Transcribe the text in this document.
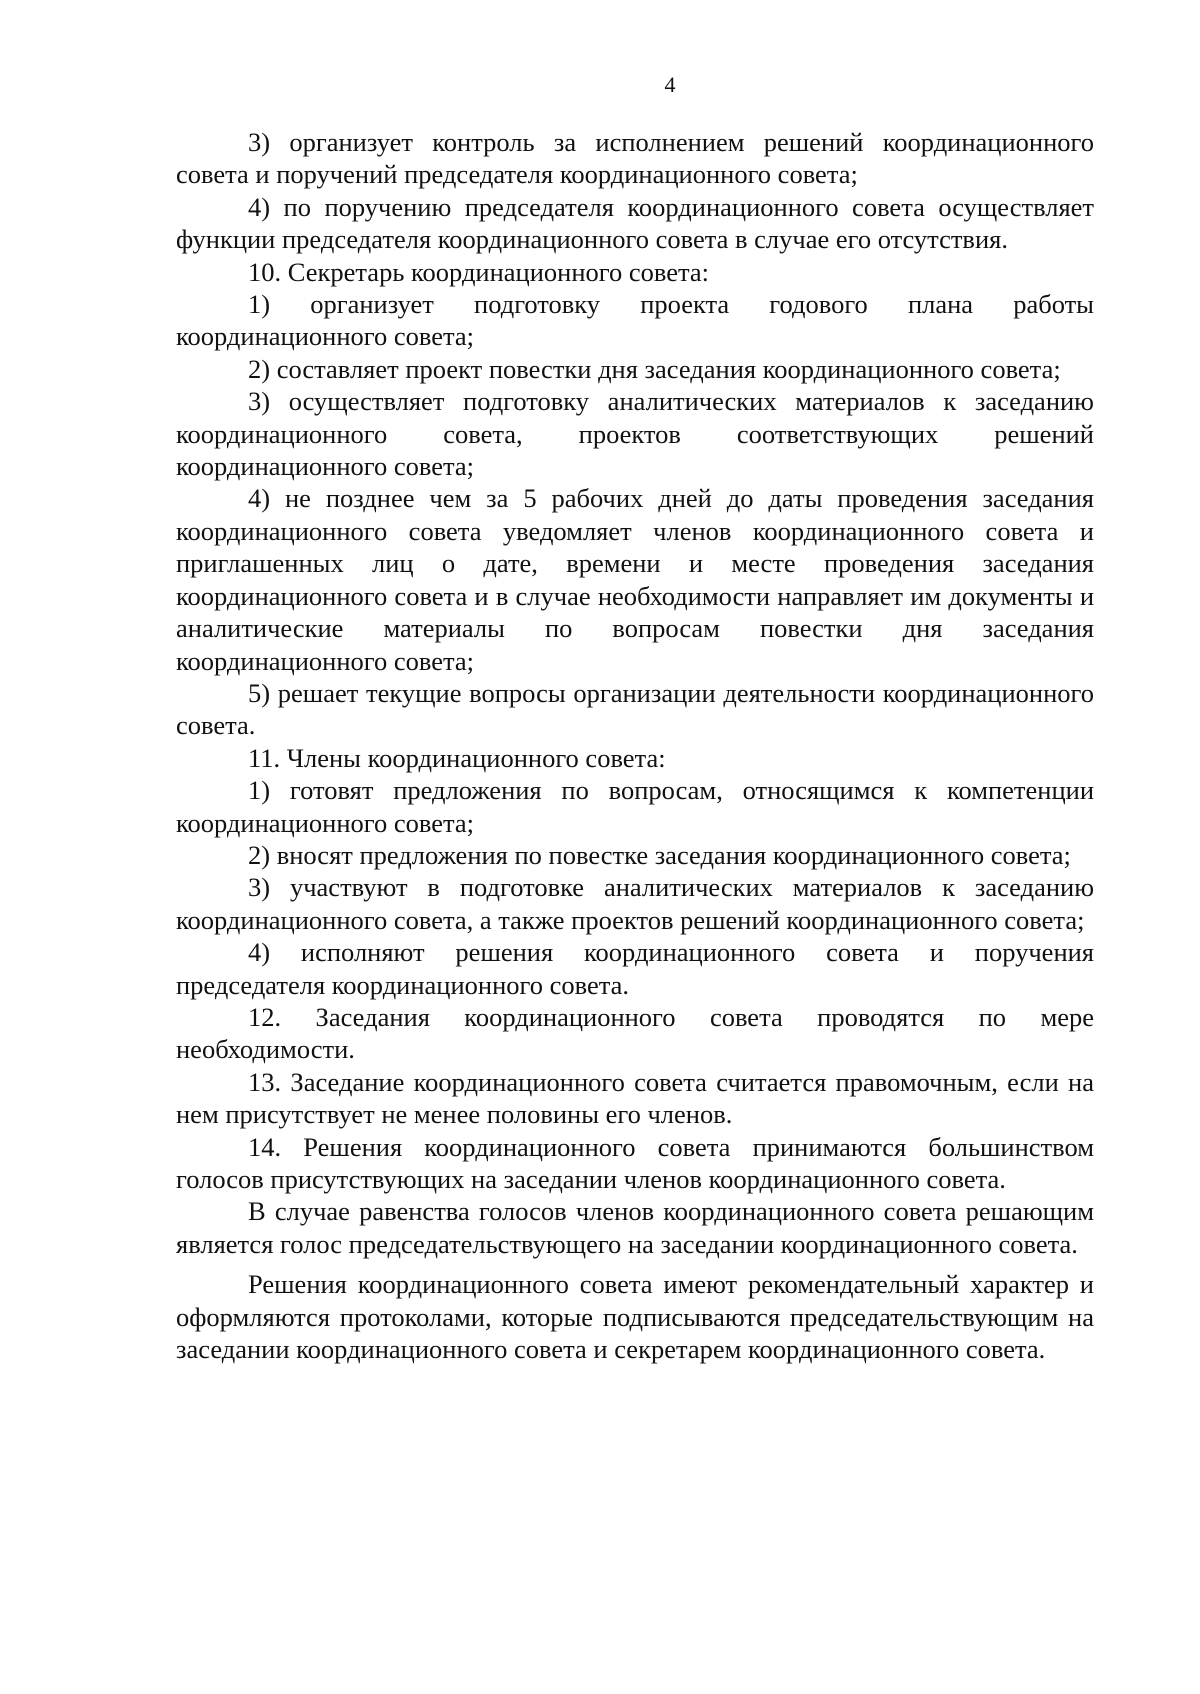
4

3) организует контроль за исполнением решений координационного совета и поручений председателя координационного совета;

4) по поручению председателя координационного совета осуществляет функции председателя координационного совета в случае его отсутствия.

10. Секретарь координационного совета:

1) организует подготовку проекта годового плана работы координационного совета;

2) составляет проект повестки дня заседания координационного совета;

3) осуществляет подготовку аналитических материалов к заседанию координационного совета, проектов соответствующих решений координационного совета;

4) не позднее чем за 5 рабочих дней до даты проведения заседания координационного совета уведомляет членов координационного совета и приглашенных лиц о дате, времени и месте проведения заседания координационного совета и в случае необходимости направляет им документы и аналитические материалы по вопросам повестки дня заседания координационного совета;

5) решает текущие вопросы организации деятельности координационного совета.

11. Члены координационного совета:

1) готовят предложения по вопросам, относящимся к компетенции координационного совета;

2) вносят предложения по повестке заседания координационного совета;

3) участвуют в подготовке аналитических материалов к заседанию координационного совета, а также проектов решений координационного совета;

4) исполняют решения координационного совета и поручения председателя координационного совета.

12. Заседания координационного совета проводятся по мере необходимости.

13. Заседание координационного совета считается правомочным, если на нем присутствует не менее половины его членов.

14. Решения координационного совета принимаются большинством голосов присутствующих на заседании членов координационного совета.

В случае равенства голосов членов координационного совета решающим является голос председательствующего на заседании координационного совета.

Решения координационного совета имеют рекомендательный характер и оформляются протоколами, которые подписываются председательствующим на заседании координационного совета и секретарем координационного совета.
